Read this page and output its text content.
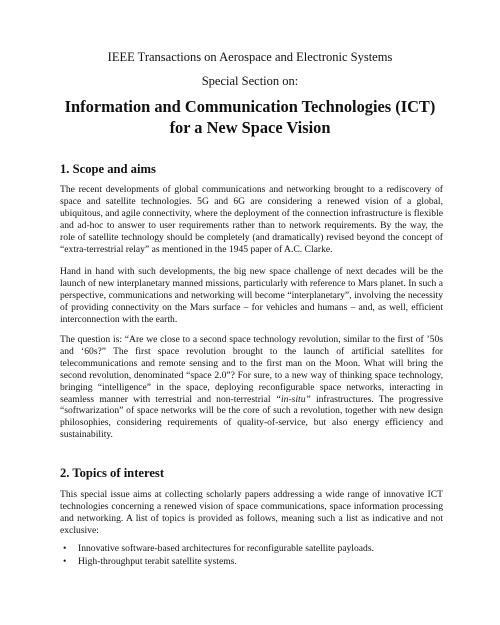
IEEE Transactions on Aerospace and Electronic Systems
Special Section on:
Information and Communication Technologies (ICT)
for a New Space Vision
1. Scope and aims

The recent developments of global communications and networking brought to a rediscovery of space and satellite technologies. 5G and 6G are considering a renewed vision of a global, ubiquitous, and agile connectivity, where the deployment of the connection infrastructure is flexible and ad-hoc to answer to user requirements rather than to network requirements. By the way, the role of satellite technology should be completely (and dramatically) revised beyond the concept of “extra-terrestrial relay” as mentioned in the 1945 paper of A.C. Clarke.

Hand in hand with such developments, the big new space challenge of next decades will be the launch of new interplanetary manned missions, particularly with reference to Mars planet. In such a perspective, communications and networking will become “interplanetary”, involving the necessity of providing connectivity on the Mars surface – for vehicles and humans – and, as well, efficient interconnection with the earth.

The question is: “Are we close to a second space technology revolution, similar to the first of ’50s and ‘60s?” The first space revolution brought to the launch of artificial satellites for telecommunications and remote sensing and to the first man on the Moon. What will bring the second revolution, denominated “space 2.0”? For sure, to a new way of thinking space technology, bringing “intelligence” in the space, deploying reconfigurable space networks, interacting in seamless manner with terrestrial and non-terrestrial “in-situ” infrastructures. The progressive “softwarization” of space networks will be the core of such a revolution, together with new design philosophies, considering requirements of quality-of-service, but also energy efficiency and sustainability.

2. Topics of interest

This special issue aims at collecting scholarly papers addressing a wide range of innovative ICT technologies concerning a renewed vision of space communications, space information processing and networking. A list of topics is provided as follows, meaning such a list as indicative and not exclusive:

• Innovative software-based architectures for reconfigurable satellite payloads.
• High-throughput terabit satellite systems.
